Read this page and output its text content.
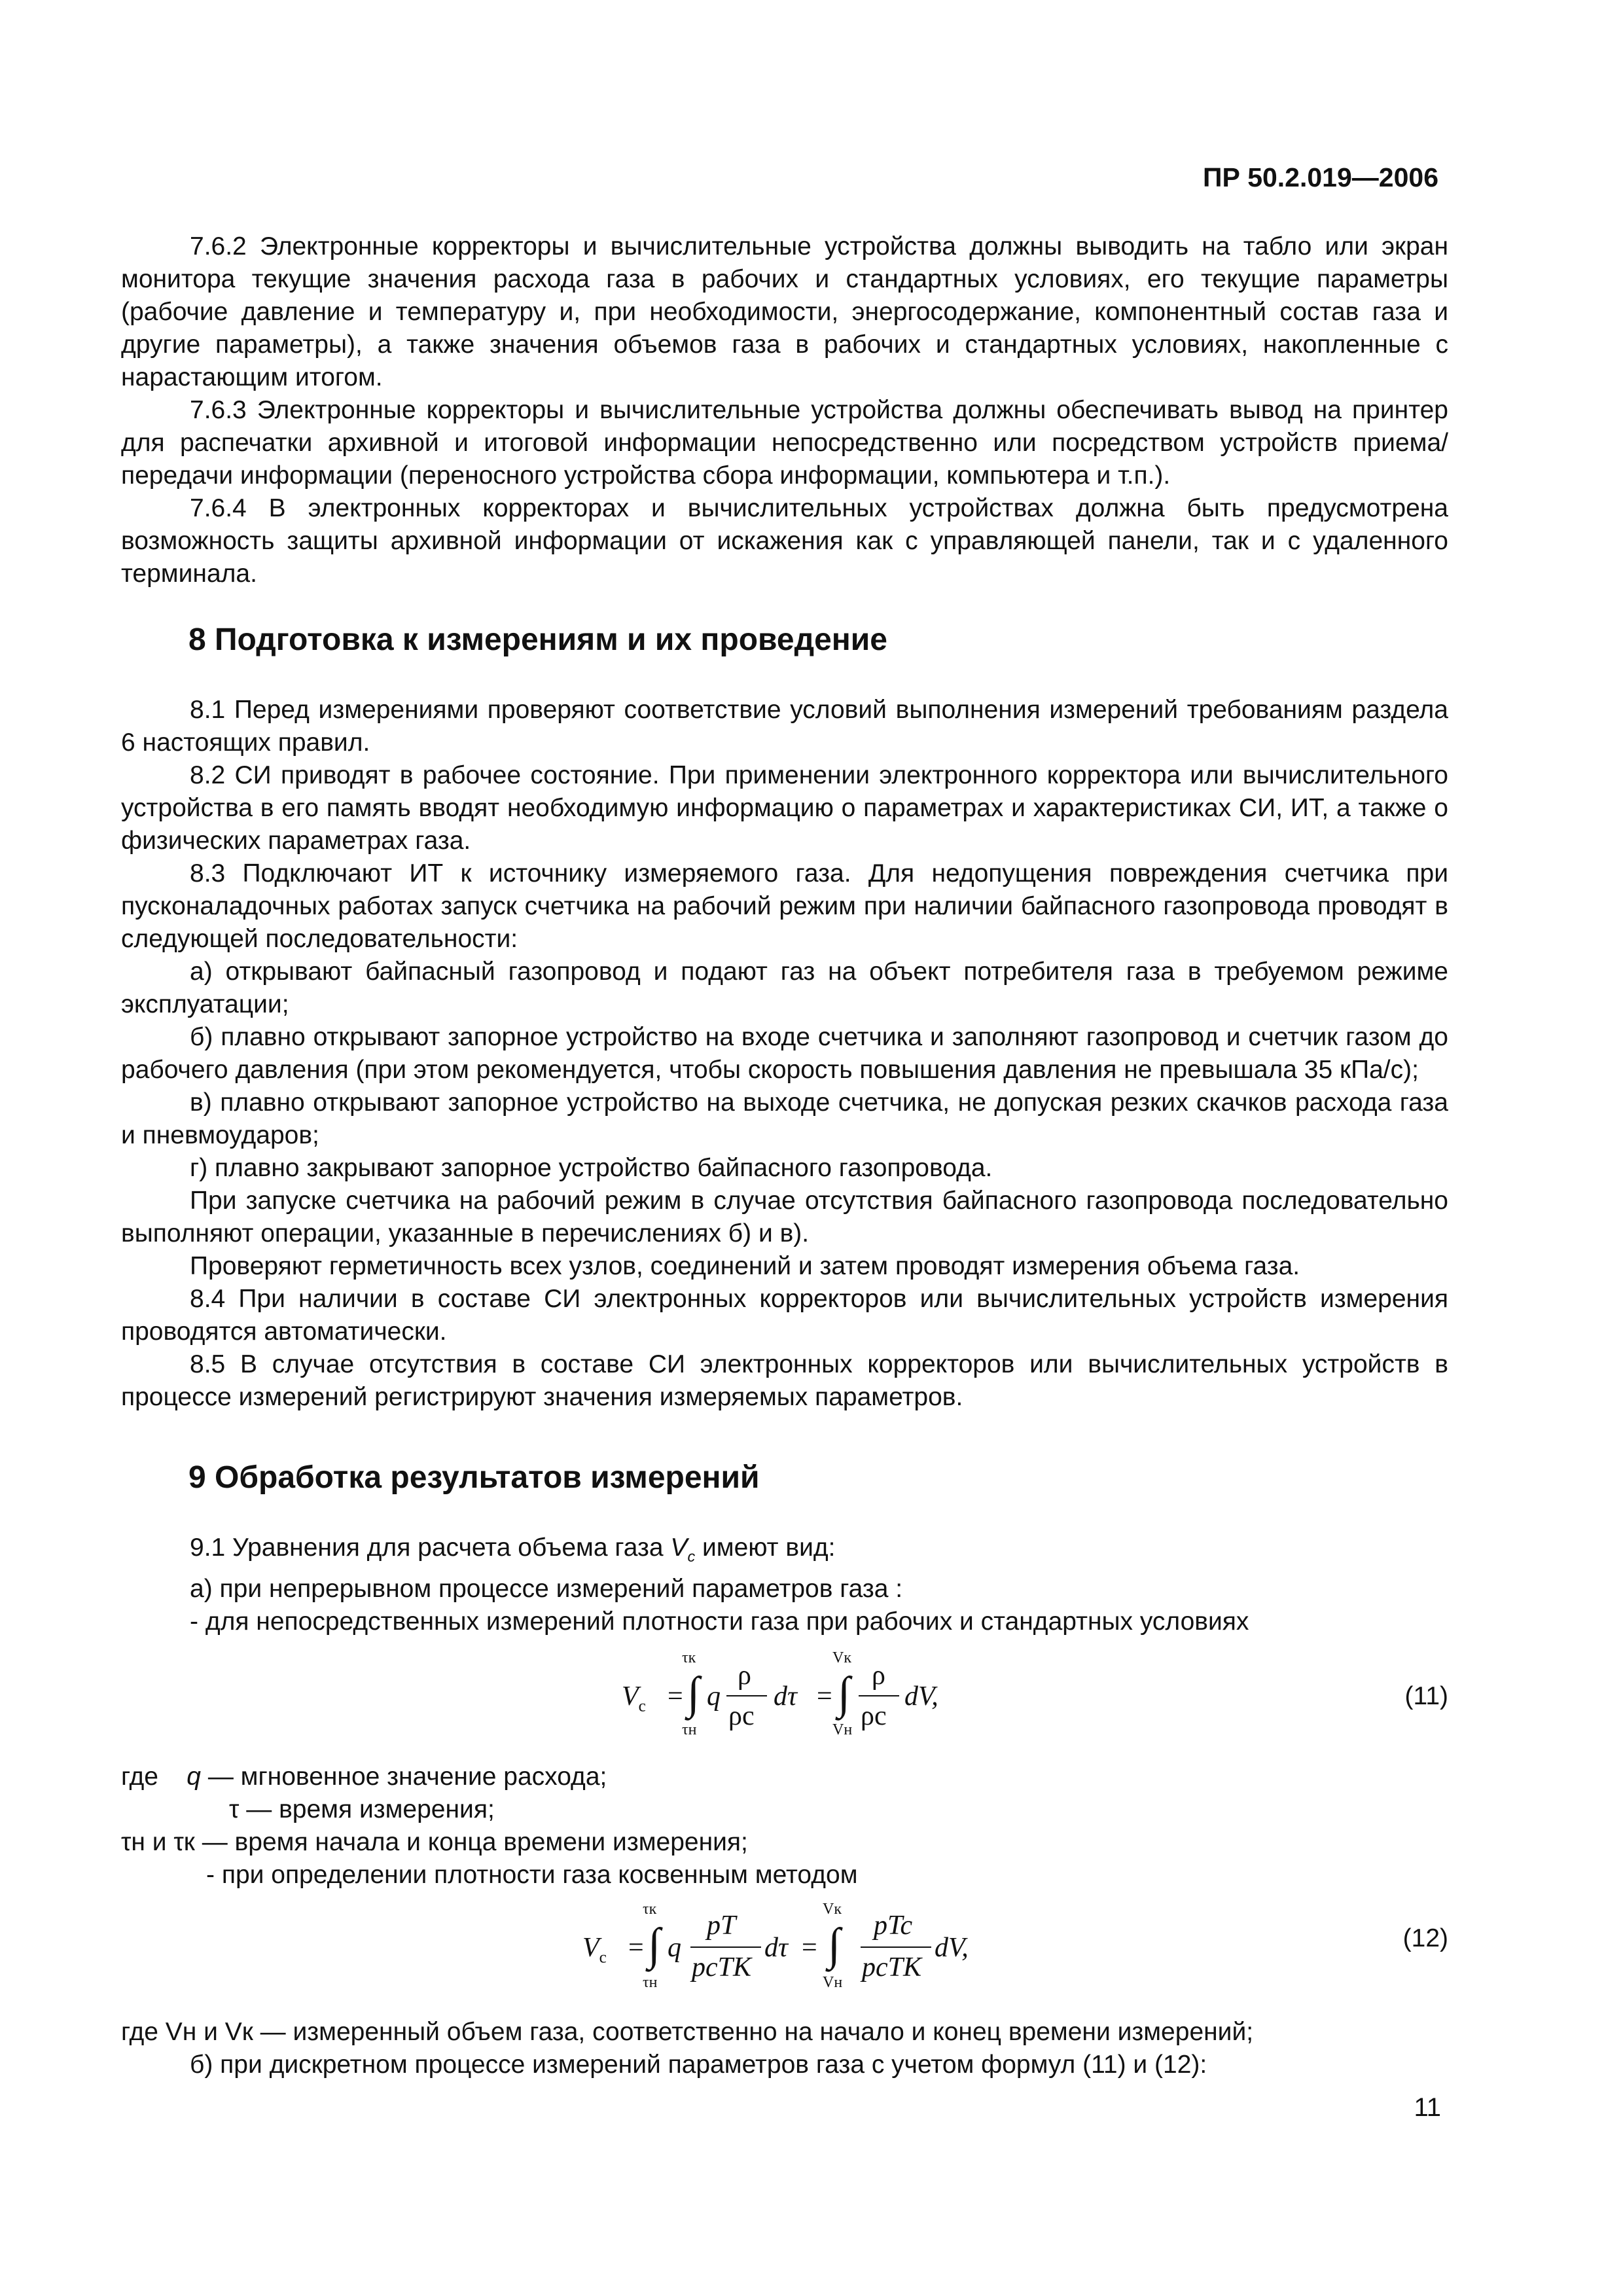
ПР 50.2.019—2006

7.6.2 Электронные корректоры и вычислительные устройства должны выводить на табло или экран монитора текущие значения расхода газа в рабочих и стандартных условиях, его текущие параметры (рабочие давление и температуру и, при необходимости, энергосодержание, компонентный состав газа и другие параметры), а также значения объемов газа в рабочих и стандартных условиях, накопленные с нарастающим итогом.

7.6.3 Электронные корректоры и вычислительные устройства должны обеспечивать вывод на принтер для распечатки архивной и итоговой информации непосредственно или посредством устройств приема/передачи информации (переносного устройства сбора информации, компьютера и т.п.).

7.6.4 В электронных корректорах и вычислительных устройствах должна быть предусмотрена возможность защиты архивной информации от искажения как с управляющей панели, так и с удаленного терминала.

8 Подготовка к измерениям и их проведение

8.1 Перед измерениями проверяют соответствие условий выполнения измерений требованиям раздела 6 настоящих правил.

8.2 СИ приводят в рабочее состояние. При применении электронного корректора или вычислительного устройства в его память вводят необходимую информацию о параметрах и характеристиках СИ, ИТ, а также о физических параметрах газа.

8.3 Подключают ИТ к источнику измеряемого газа. Для недопущения повреждения счетчика при пусконаладочных работах запуск счетчика на рабочий режим при наличии байпасного газопровода проводят в следующей последовательности:

а) открывают байпасный газопровод и подают газ на объект потребителя газа в требуемом режиме эксплуатации;

б) плавно открывают запорное устройство на входе счетчика и заполняют газопровод и счетчик газом до рабочего давления (при этом рекомендуется, чтобы скорость повышения давления не превышала 35 кПа/с);

в) плавно открывают запорное устройство на выходе счетчика, не допуская резких скачков расхода газа и пневмоударов;

г) плавно закрывают запорное устройство байпасного газопровода.

При запуске счетчика на рабочий режим в случае отсутствия байпасного газопровода последовательно выполняют операции, указанные в перечислениях б) и в).

Проверяют герметичность всех узлов, соединений и затем проводят измерения объема газа.

8.4 При наличии в составе СИ электронных корректоров или вычислительных устройств измерения проводятся автоматически.

8.5 В случае отсутствия в составе СИ электронных корректоров или вычислительных устройств в процессе измерений регистрируют значения измеряемых параметров.

9 Обработка результатов измерений

9.1 Уравнения для расчета объема газа $V_c$ имеют вид:

а) при непрерывном процессе измерений параметров газа :

- для непосредственных измерений плотности газа при рабочих и стандартных условиях

$V_c$ = ∫
τк
τн
q
ρ
ρc
dτ = ∫
Vк
Vн
ρ
ρc
dV,	(11)

где q — мгновенное значение расхода;

τ — время измерения;

τн и τк — время начала и конца времени измерения;

- при определении плотности газа косвенным методом

$V_c$ = ∫
τк
τн
q
pT
pcTK
dτ = ∫
Vк
Vн
pTc
pcTK
dV,	(12)

где Vн и Vк — измеренный объем газа, соответственно на начало и конец времени измерений;

б) при дискретном процессе измерений параметров газа с учетом формул (11) и (12):

11
